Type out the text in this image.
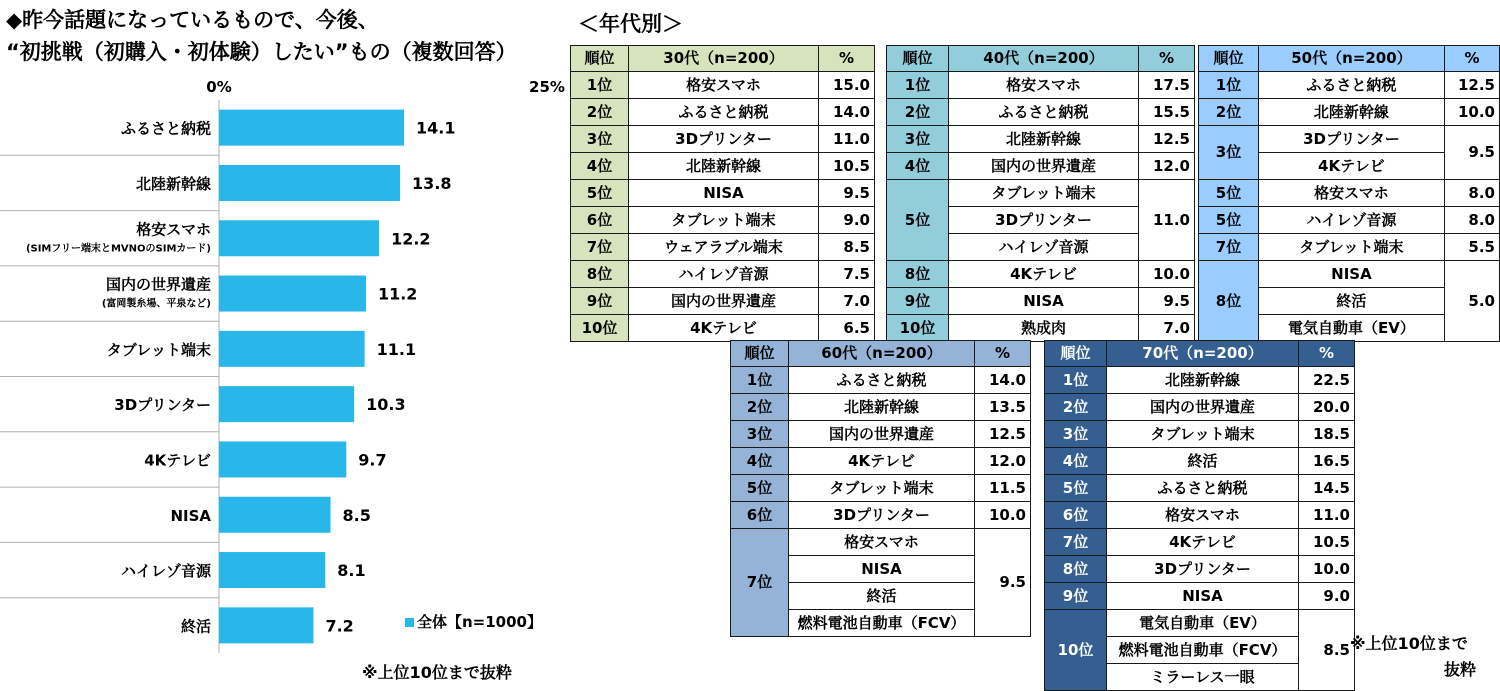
◆昨今話題になっているもので、今後、
“初挑戦（初購入・初体験）したい”もの（複数回答）
0%	25%
14.1
ふるさと納税
13.8
北陸新幹線
12.2
格安スマホ
(SIMフリー端末とMVNOのSIMカード)
11.2
国内の世界遺産
(富岡製糸場、平泉など)
11.1
タブレット端末
10.3
3Dプリンター
9.7
4Kテレビ
8.5
NISA
8.1
ハイレゾ音源
7.2
終活	全体【n=1000】
※上位10位まで抜粋
＜年代別＞
順位	30代（n=200）	%
1位	格安スマホ	15.0
2位	ふるさと納税	14.0
3位	3Dプリンター	11.0
4位	北陸新幹線	10.5
5位	NISA	9.5
6位	タブレット端末	9.0
7位	ウェアラブル端末	8.5
8位	ハイレゾ音源	7.5
9位	国内の世界遺産	7.0
10位	4Kテレビ	6.5
順位	40代（n=200）	%
1位	格安スマホ	17.5
2位	ふるさと納税	15.5
3位	北陸新幹線	12.5
4位	国内の世界遺産	12.0
5位	タブレット端末	11.0
	3Dプリンター	
	ハイレゾ音源	
8位	4Kテレビ	10.0
9位	NISA	9.5
10位	熟成肉	7.0
順位	50代（n=200）	%
1位	ふるさと納税	12.5
2位	北陸新幹線	10.0
3位	3Dプリンター	9.5
	4Kテレビ	
5位	格安スマホ	8.0
5位	ハイレゾ音源	8.0
7位	タブレット端末	5.5
8位	NISA	5.0
	終活	
	電気自動車（EV）	
順位	60代（n=200）	%
1位	ふるさと納税	14.0
2位	北陸新幹線	13.5
3位	国内の世界遺産	12.5
4位	4Kテレビ	12.0
5位	タブレット端末	11.5
6位	3Dプリンター	10.0
7位	格安スマホ	9.5
	NISA	
	終活	
	燃料電池自動車（FCV）	
順位	70代（n=200）	%
1位	北陸新幹線	22.5
2位	国内の世界遺産	20.0
3位	タブレット端末	18.5
4位	終活	16.5
5位	ふるさと納税	14.5
6位	格安スマホ	11.0
7位	4Kテレビ	10.5
8位	3Dプリンター	10.0
9位	NISA	9.0
10位	電気自動車（EV）	8.5
	燃料電池自動車（FCV）	
	ミラーレス一眼	
※上位10位まで
抜粋
